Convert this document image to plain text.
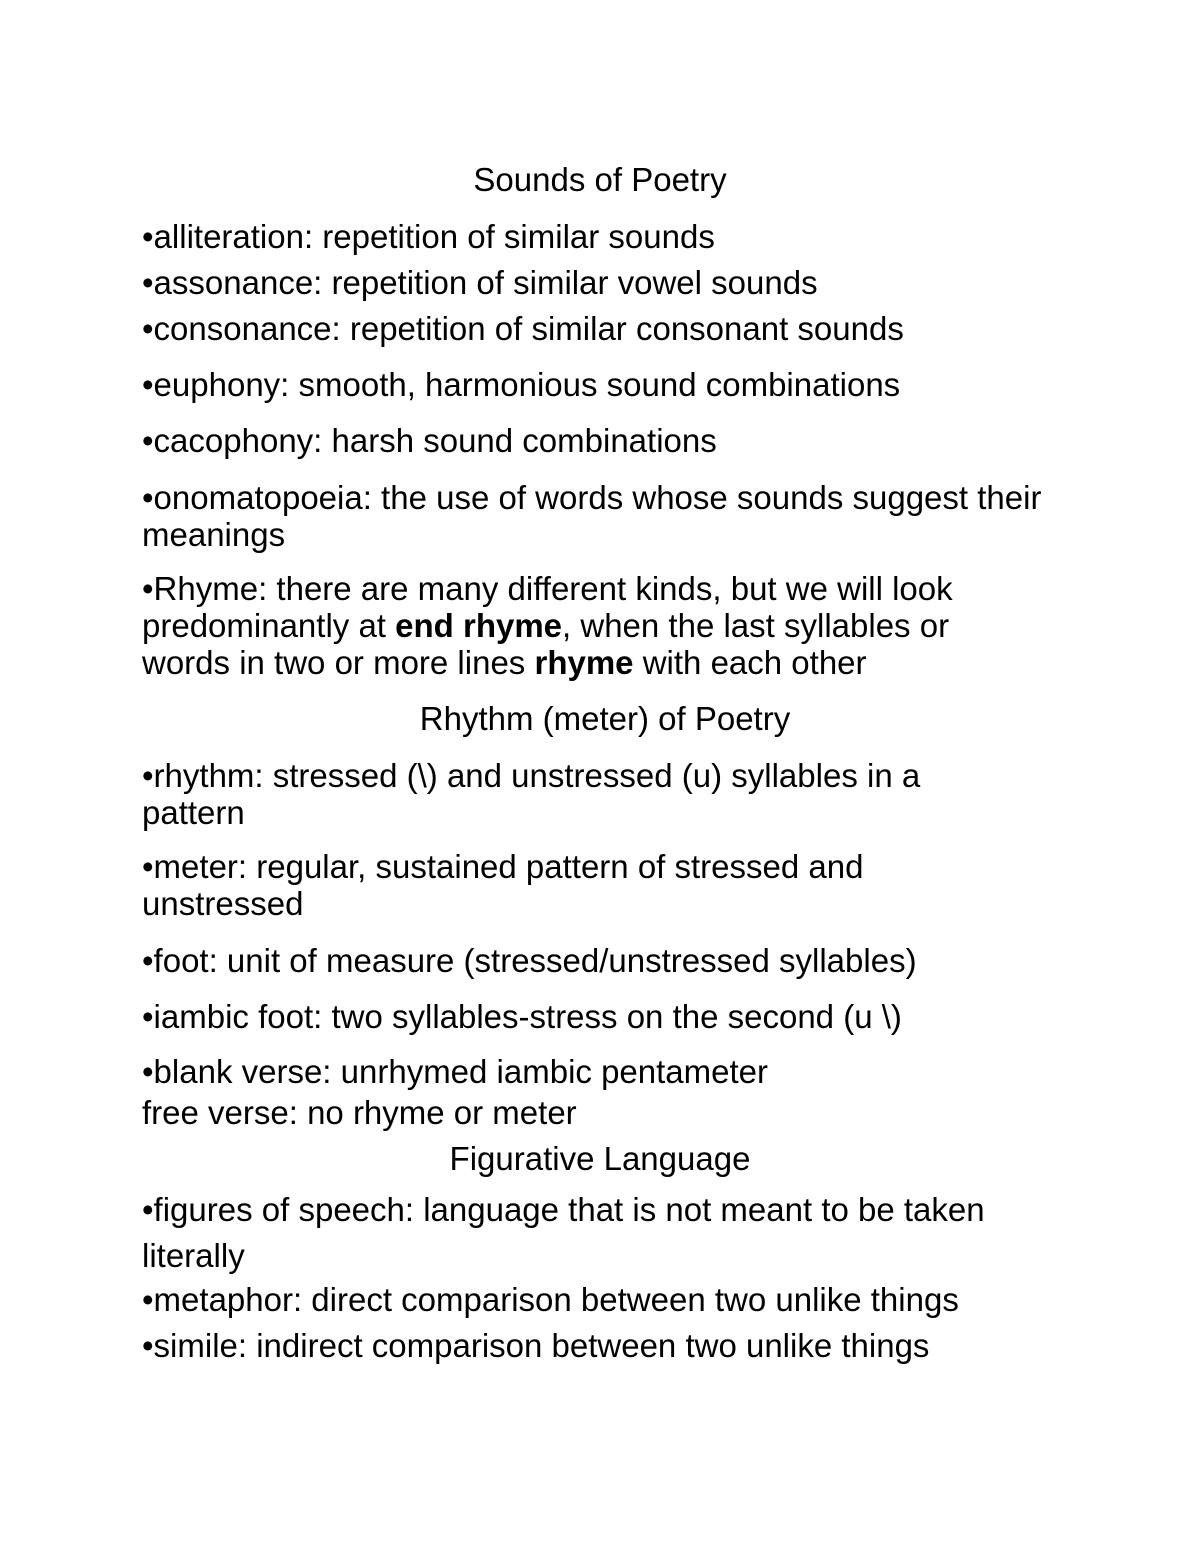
Sounds of Poetry

•alliteration: repetition of similar sounds

•assonance: repetition of similar vowel sounds

•consonance: repetition of similar consonant sounds

•euphony: smooth, harmonious sound combinations

•cacophony: harsh sound combinations

•onomatopoeia: the use of words whose sounds suggest their meanings

•Rhyme: there are many different kinds, but we will look predominantly at end rhyme, when the last syllables or words in two or more lines rhyme with each other

Rhythm (meter) of Poetry

•rhythm: stressed (\) and unstressed (u) syllables in a pattern

•meter: regular, sustained pattern of stressed and unstressed

•foot: unit of measure (stressed/unstressed syllables)

•iambic foot: two syllables-stress on the second (u \)

•blank verse: unrhymed iambic pentameter

free verse: no rhyme or meter

Figurative Language

•figures of speech: language that is not meant to be taken literally

•metaphor: direct comparison between two unlike things

•simile: indirect comparison between two unlike things
